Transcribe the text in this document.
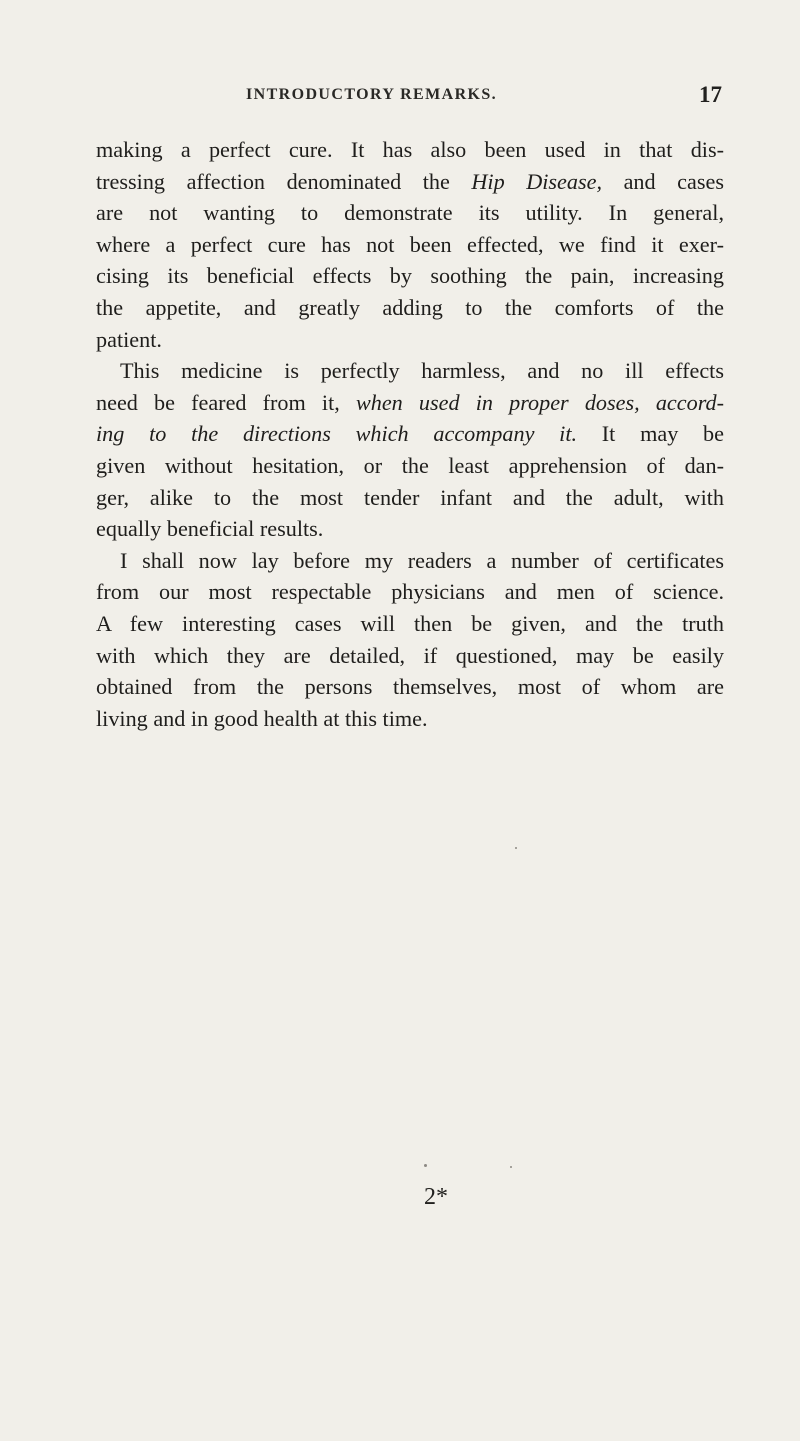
INTRODUCTORY REMARKS.	17
making a perfect cure. It has also been used in that dis-
tressing affection denominated the Hip Disease, and cases
are not wanting to demonstrate its utility. In general,
where a perfect cure has not been effected, we find it exer-
cising its beneficial effects by soothing the pain, increasing
the appetite, and greatly adding to the comforts of the
patient.
This medicine is perfectly harmless, and no ill effects
need be feared from it, when used in proper doses, accord-
ing to the directions which accompany it. It may be
given without hesitation, or the least apprehension of dan-
ger, alike to the most tender infant and the adult, with
equally beneficial results.
I shall now lay before my readers a number of certificates
from our most respectable physicians and men of science.
A few interesting cases will then be given, and the truth
with which they are detailed, if questioned, may be easily
obtained from the persons themselves, most of whom are
living and in good health at this time.
2*
